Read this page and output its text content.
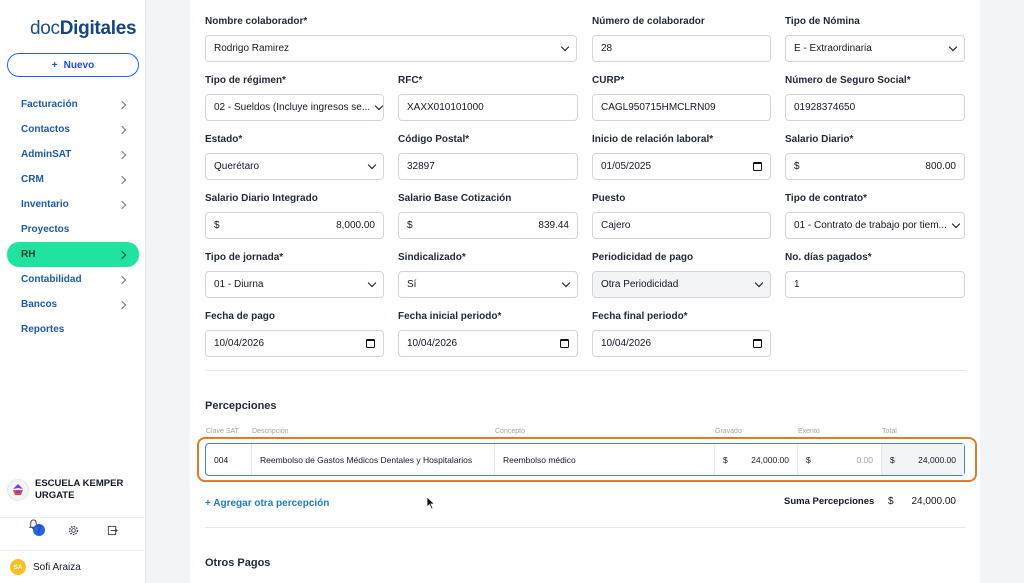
docDigitales
+ Nuevo
Facturación
Contactos
AdminSAT
CRM
Inventario
Proyectos
RH
Contabilidad
Bancos
Reportes
ESCUELA KEMPER
URGATE
7
SA	Sofi Araiza
Nombre colaborador*
Rodrigo Ramirez
Número de colaborador
28
Tipo de Nómina
E - Extraordinaria
Tipo de régimen*
02 - Sueldos (Incluye ingresos se...
RFC*
XAXX010101000
CURP*
CAGL950715HMCLRN09
Número de Seguro Social*
01928374650
Estado*
Querétaro
Código Postal*
32897
Inicio de relación laboral*
01/05/2025
Salario Diario*
$	800.00
Salario Diario Integrado
$	8,000.00
Salario Base Cotización
$	839.44
Puesto
Cajero
Tipo de contrato*
01 - Contrato de trabajo por tiem...
Tipo de jornada*
01 - Diurna
Sindicalizado*
Sí
Periodicidad de pago
Otra Periodicidad
No. días pagados*
1
Fecha de pago
10/04/2026
Fecha inicial periodo*
10/04/2026
Fecha final periodo*
10/04/2026
Percepciones
Clave SAT Descripción	Concepto	Gravado	Exento	Total
004	Reembolso de Gastos Médicos Dentales y Hospitalarios	Reembolso médico	$	24,000.00 $	0.00 $	24,000.00
+ Agregar otra percepción	Suma Percepciones $	24,000.00
Otros Pagos
